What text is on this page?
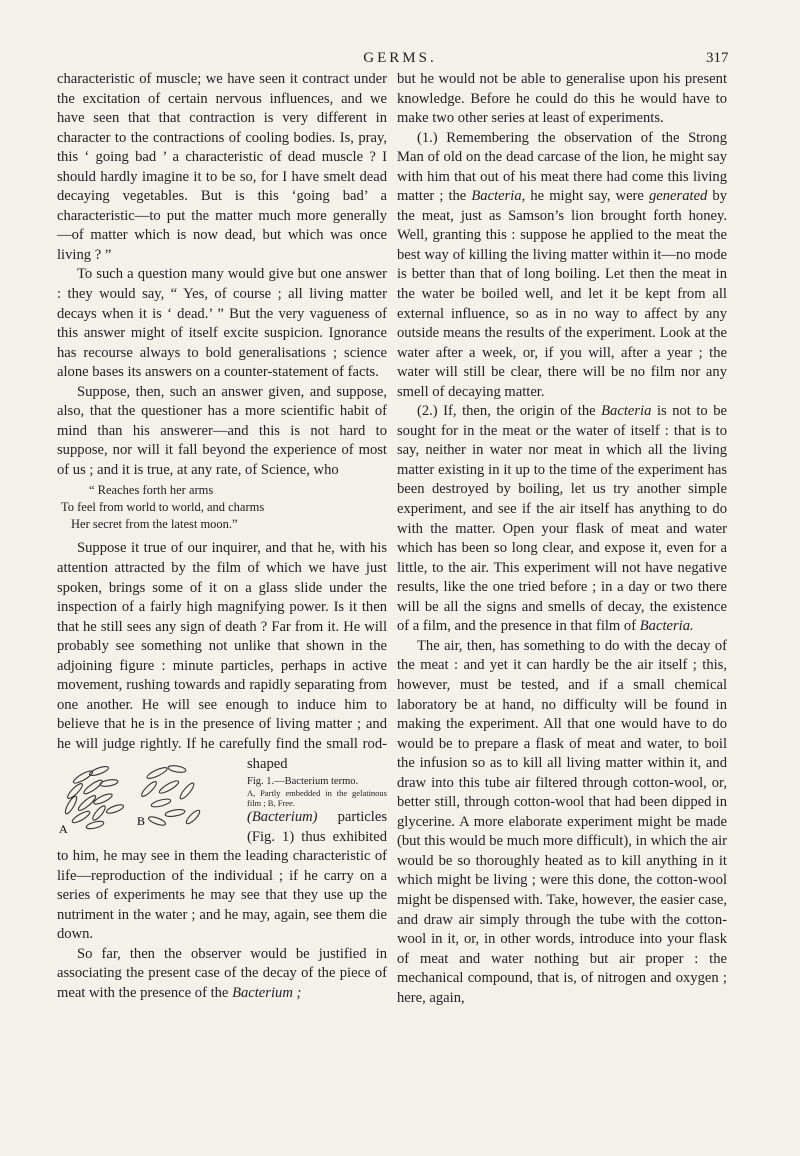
GERMS.	317

characteristic of muscle; we have seen it contract under the excitation of certain nervous influences, and we have seen that that contraction is very different in character to the contractions of cooling bodies. Is, pray, this ‘ going bad ’ a characteristic of dead muscle ? I should hardly imagine it to be so, for I have smelt dead decaying vegetables. But is this ‘going bad’ a characteristic—to put the matter much more generally—of matter which is now dead, but which was once living ? ”

To such a question many would give but one answer : they would say, “ Yes, of course ; all living matter decays when it is ‘ dead.’ ” But the very vagueness of this answer might of itself excite suspicion. Ignorance has recourse always to bold generalisations ; science alone bases its answers on a counter-statement of facts.

Suppose, then, such an answer given, and suppose, also, that the questioner has a more scientific habit of mind than his answerer—and this is not hard to suppose, nor will it fall beyond the experience of most of us ; and it is true, at any rate, of Science, who

“ Reaches forth her arms
To feel from world to world, and charms
Her secret from the latest moon.”

Suppose it true of our inquirer, and that he, with his attention attracted by the film of which we have just spoken, brings some of it on a glass slide under the inspection of a fairly high magnifying power. Is it then that he still sees any sign of death ? Far from it. He will probably see something not unlike that shown in the adjoining figure : minute particles, perhaps in active movement, rushing towards and rapidly separating from one another. He will see enough to induce him to believe that he is in the presence of living matter ; and he will judge rightly. If he carefully find the small rod-shaped
A
B

Fig. 1.—Bacterium termo.
A, Partly embedded in the gelatinous film ; B, Free.
(Bacterium) particles (Fig. 1) thus exhibited to him, he may see in them the leading characteristic of life—reproduction of the individual ; if he carry on a series of experiments he may see that they use up the nutriment in the water ; and he may, again, see them die down.

So far, then the observer would be justified in associating the present case of the decay of the piece of meat with the presence of the Bacterium ;

but he would not be able to generalise upon his present knowledge. Before he could do this he would have to make two other series at least of experiments.

(1.) Remembering the observation of the Strong Man of old on the dead carcase of the lion, he might say with him that out of his meat there had come this living matter ; the Bacteria, he might say, were generated by the meat, just as Samson’s lion brought forth honey. Well, granting this : suppose he applied to the meat the best way of killing the living matter within it—no mode is better than that of long boiling. Let then the meat in the water be boiled well, and let it be kept from all external influence, so as in no way to affect by any outside means the results of the experiment. Look at the water after a week, or, if you will, after a year ; the water will still be clear, there will be no film nor any smell of decaying matter.

(2.) If, then, the origin of the Bacteria is not to be sought for in the meat or the water of itself : that is to say, neither in water nor meat in which all the living matter existing in it up to the time of the experiment has been destroyed by boiling, let us try another simple experiment, and see if the air itself has anything to do with the matter. Open your flask of meat and water which has been so long clear, and expose it, even for a little, to the air. This experiment will not have negative results, like the one tried before ; in a day or two there will be all the signs and smells of decay, the existence of a film, and the presence in that film of Bacteria.

The air, then, has something to do with the decay of the meat : and yet it can hardly be the air itself ; this, however, must be tested, and if a small chemical laboratory be at hand, no difficulty will be found in making the experiment. All that one would have to do would be to prepare a flask of meat and water, to boil the infusion so as to kill all living matter within it, and draw into this tube air filtered through cotton-wool, or, better still, through cotton-wool that had been dipped in glycerine. A more elaborate experiment might be made (but this would be much more difficult), in which the air would be so thoroughly heated as to kill anything in it which might be living ; were this done, the cotton-wool might be dispensed with. Take, however, the easier case, and draw air simply through the tube with the cotton-wool in it, or, in other words, introduce into your flask of meat and water nothing but air proper : the mechanical compound, that is, of nitrogen and oxygen ; here, again,
